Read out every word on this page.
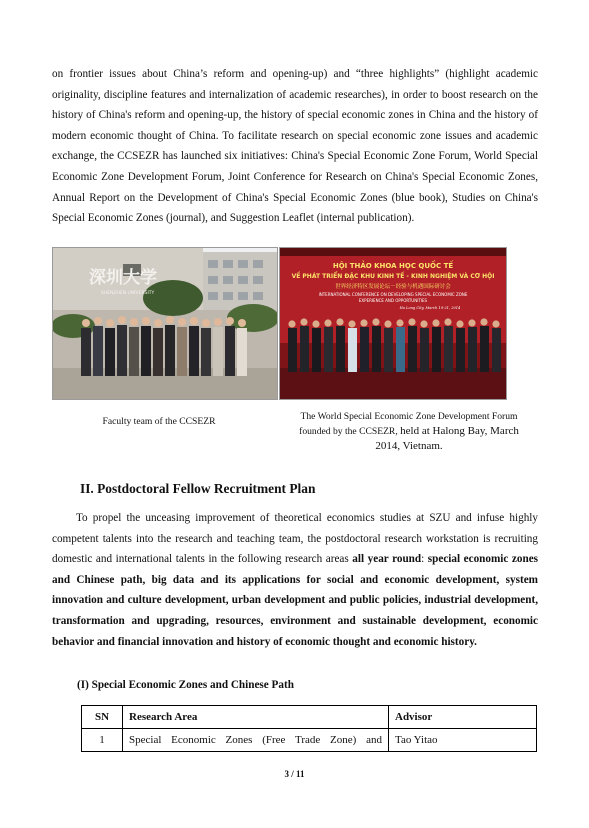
on frontier issues about China’s reform and opening-up) and “three highlights” (highlight academic originality, discipline features and internalization of academic researches), in order to boost research on the history of China's reform and opening-up, the history of special economic zones in China and the history of modern economic thought of China. To facilitate research on special economic zone issues and academic exchange, the CCSEZR has launched six initiatives: China's Special Economic Zone Forum, World Special Economic Zone Development Forum, Joint Conference for Research on China's Special Economic Zones, Annual Report on the Development of China's Special Economic Zones (blue book), Studies on China's Special Economic Zones (journal), and Suggestion Leaflet (internal publication).

深圳大学
SHENZHEN UNIVERSITY
HỘI THẢO KHOA HỌC QUỐC TẾ
VỀ PHÁT TRIỂN ĐẶC KHU KINH TẾ - KINH NGHIỆM VÀ CƠ HỘI
世界经济特区发展论坛－经验与机遇国际研讨会
INTERNATIONAL CONFERENCE ON DEVELOPING SPECIAL ECONOMIC ZONE
EXPERIENCE AND OPPORTUNITIES
Ha Long City, March 19-21, 2014
Faculty team of the CCSEZR	The World Special Economic Zone Development Forum founded by the CCSEZR, held at Halong Bay, March 2014, Vietnam.
II. Postdoctoral Fellow Recruitment Plan

To propel the unceasing improvement of theoretical economics studies at SZU and infuse highly competent talents into the research and teaching team, the postdoctoral research workstation is recruiting domestic and international talents in the following research areas all year round: special economic zones and Chinese path, big data and its applications for social and economic development, system innovation and culture development, urban development and public policies, industrial development, transformation and upgrading, resources, environment and sustainable development, economic behavior and financial innovation and history of economic thought and economic history.

(I) Special Economic Zones and Chinese Path
SN	Research Area	Advisor
1	Special Economic Zones (Free Trade Zone) and	Tao Yitao
3 / 11
